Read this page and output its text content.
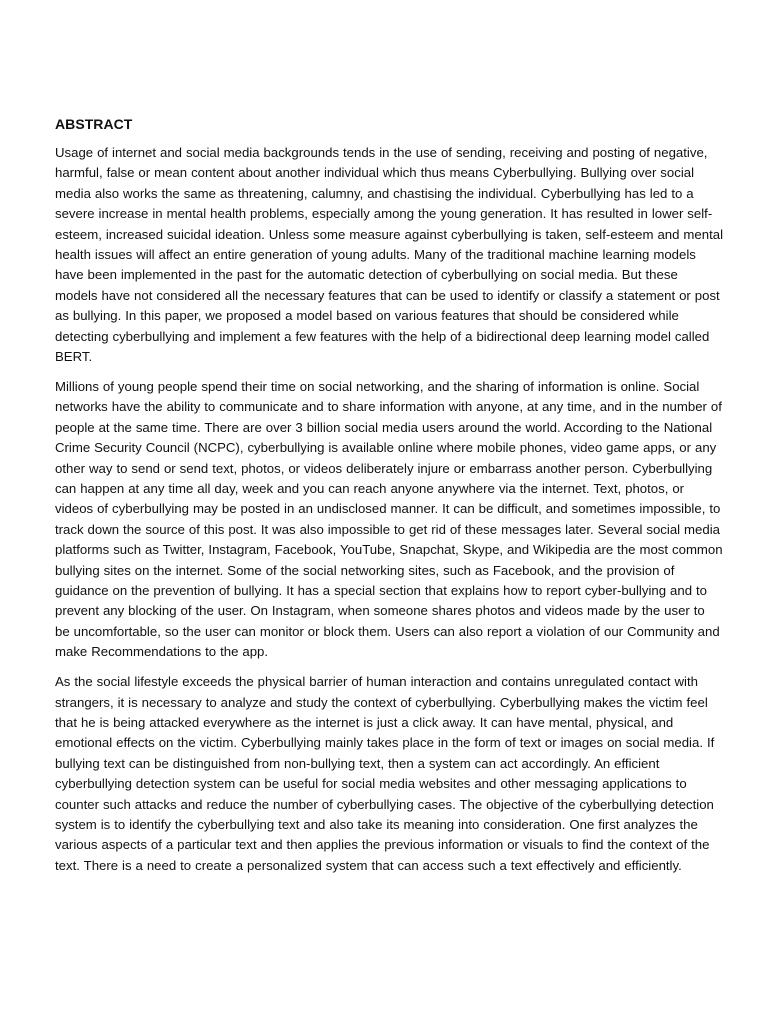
ABSTRACT

Usage of internet and social media backgrounds tends in the use of sending, receiving and posting of negative, harmful, false or mean content about another individual which thus means Cyberbullying. Bullying over social media also works the same as threatening, calumny, and chastising the individual. Cyberbullying has led to a severe increase in mental health problems, especially among the young generation. It has resulted in lower self-esteem, increased suicidal ideation. Unless some measure against cyberbullying is taken, self-esteem and mental health issues will affect an entire generation of young adults. Many of the traditional machine learning models have been implemented in the past for the automatic detection of cyberbullying on social media. But these models have not considered all the necessary features that can be used to identify or classify a statement or post as bullying. In this paper, we proposed a model based on various features that should be considered while detecting cyberbullying and implement a few features with the help of a bidirectional deep learning model called BERT.

Millions of young people spend their time on social networking, and the sharing of information is online. Social networks have the ability to communicate and to share information with anyone, at any time, and in the number of people at the same time. There are over 3 billion social media users around the world. According to the National Crime Security Council (NCPC), cyberbullying is available online where mobile phones, video game apps, or any other way to send or send text, photos, or videos deliberately injure or embarrass another person. Cyberbullying can happen at any time all day, week and you can reach anyone anywhere via the internet. Text, photos, or videos of cyberbullying may be posted in an undisclosed manner. It can be difficult, and sometimes impossible, to track down the source of this post. It was also impossible to get rid of these messages later. Several social media platforms such as Twitter, Instagram, Facebook, YouTube, Snapchat, Skype, and Wikipedia are the most common bullying sites on the internet. Some of the social networking sites, such as Facebook, and the provision of guidance on the prevention of bullying. It has a special section that explains how to report cyber-bullying and to prevent any blocking of the user. On Instagram, when someone shares photos and videos made by the user to be uncomfortable, so the user can monitor or block them. Users can also report a violation of our Community and make Recommendations to the app.

As the social lifestyle exceeds the physical barrier of human interaction and contains unregulated contact with strangers, it is necessary to analyze and study the context of cyberbullying. Cyberbullying makes the victim feel that he is being attacked everywhere as the internet is just a click away. It can have mental, physical, and emotional effects on the victim. Cyberbullying mainly takes place in the form of text or images on social media. If bullying text can be distinguished from non-bullying text, then a system can act accordingly. An efficient cyberbullying detection system can be useful for social media websites and other messaging applications to counter such attacks and reduce the number of cyberbullying cases. The objective of the cyberbullying detection system is to identify the cyberbullying text and also take its meaning into consideration. One first analyzes the various aspects of a particular text and then applies the previous information or visuals to find the context of the text. There is a need to create a personalized system that can access such a text effectively and efficiently.
